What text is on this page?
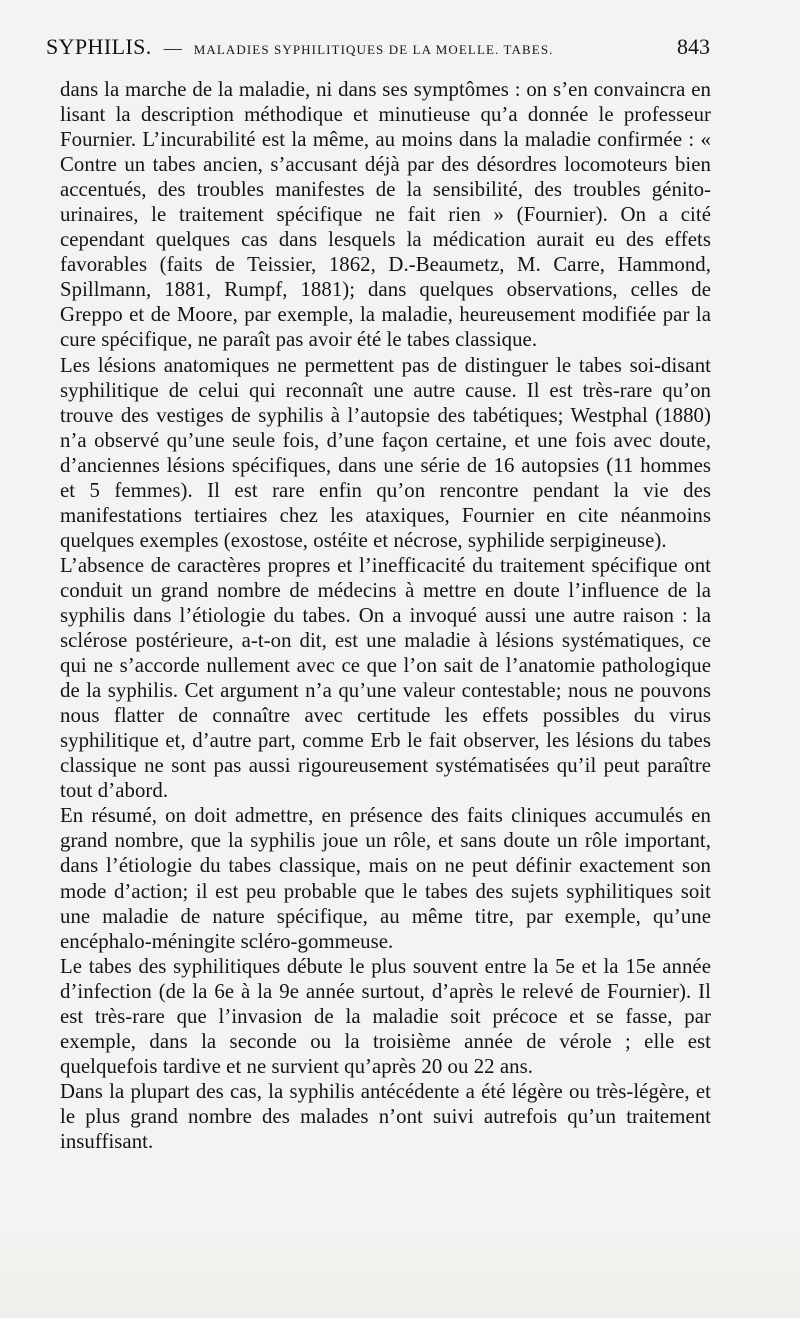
SYPHILIS. — MALADIES SYPHILITIQUES DE LA MOELLE. TABES.	843

dans la marche de la maladie, ni dans ses symptômes : on s’en convaincra en lisant la description méthodique et minutieuse qu’a donnée le professeur Fournier. L’incurabilité est la même, au moins dans la maladie confirmée : « Contre un tabes ancien, s’accusant déjà par des désordres locomoteurs bien accentués, des troubles manifestes de la sensibilité, des troubles génito-urinaires, le traitement spécifique ne fait rien » (Fournier). On a cité cependant quelques cas dans lesquels la médication aurait eu des effets favorables (faits de Teissier, 1862, D.-Beaumetz, M. Carre, Hammond, Spillmann, 1881, Rumpf, 1881); dans quelques observations, celles de Greppo et de Moore, par exemple, la maladie, heureusement modifiée par la cure spécifique, ne paraît pas avoir été le tabes classique.

Les lésions anatomiques ne permettent pas de distinguer le tabes soi-disant syphilitique de celui qui reconnaît une autre cause. Il est très-rare qu’on trouve des vestiges de syphilis à l’autopsie des tabétiques; Westphal (1880) n’a observé qu’une seule fois, d’une façon certaine, et une fois avec doute, d’anciennes lésions spécifiques, dans une série de 16 autopsies (11 hommes et 5 femmes). Il est rare enfin qu’on rencontre pendant la vie des manifestations tertiaires chez les ataxiques, Fournier en cite néanmoins quelques exemples (exostose, ostéite et nécrose, syphilide serpigineuse).

L’absence de caractères propres et l’inefficacité du traitement spécifique ont conduit un grand nombre de médecins à mettre en doute l’influence de la syphilis dans l’étiologie du tabes. On a invoqué aussi une autre raison : la sclérose postérieure, a-t-on dit, est une maladie à lésions systématiques, ce qui ne s’accorde nullement avec ce que l’on sait de l’anatomie pathologique de la syphilis. Cet argument n’a qu’une valeur contestable; nous ne pouvons nous flatter de connaître avec certitude les effets possibles du virus syphilitique et, d’autre part, comme Erb le fait observer, les lésions du tabes classique ne sont pas aussi rigoureusement systématisées qu’il peut paraître tout d’abord.

En résumé, on doit admettre, en présence des faits cliniques accumulés en grand nombre, que la syphilis joue un rôle, et sans doute un rôle important, dans l’étiologie du tabes classique, mais on ne peut définir exactement son mode d’action; il est peu probable que le tabes des sujets syphilitiques soit une maladie de nature spécifique, au même titre, par exemple, qu’une encéphalo-méningite scléro-gommeuse.

Le tabes des syphilitiques débute le plus souvent entre la 5e et la 15e année d’infection (de la 6e à la 9e année surtout, d’après le relevé de Fournier). Il est très-rare que l’invasion de la maladie soit précoce et se fasse, par exemple, dans la seconde ou la troisième année de vérole ; elle est quelquefois tardive et ne survient qu’après 20 ou 22 ans.

Dans la plupart des cas, la syphilis antécédente a été légère ou très-légère, et le plus grand nombre des malades n’ont suivi autrefois qu’un traitement insuffisant.
